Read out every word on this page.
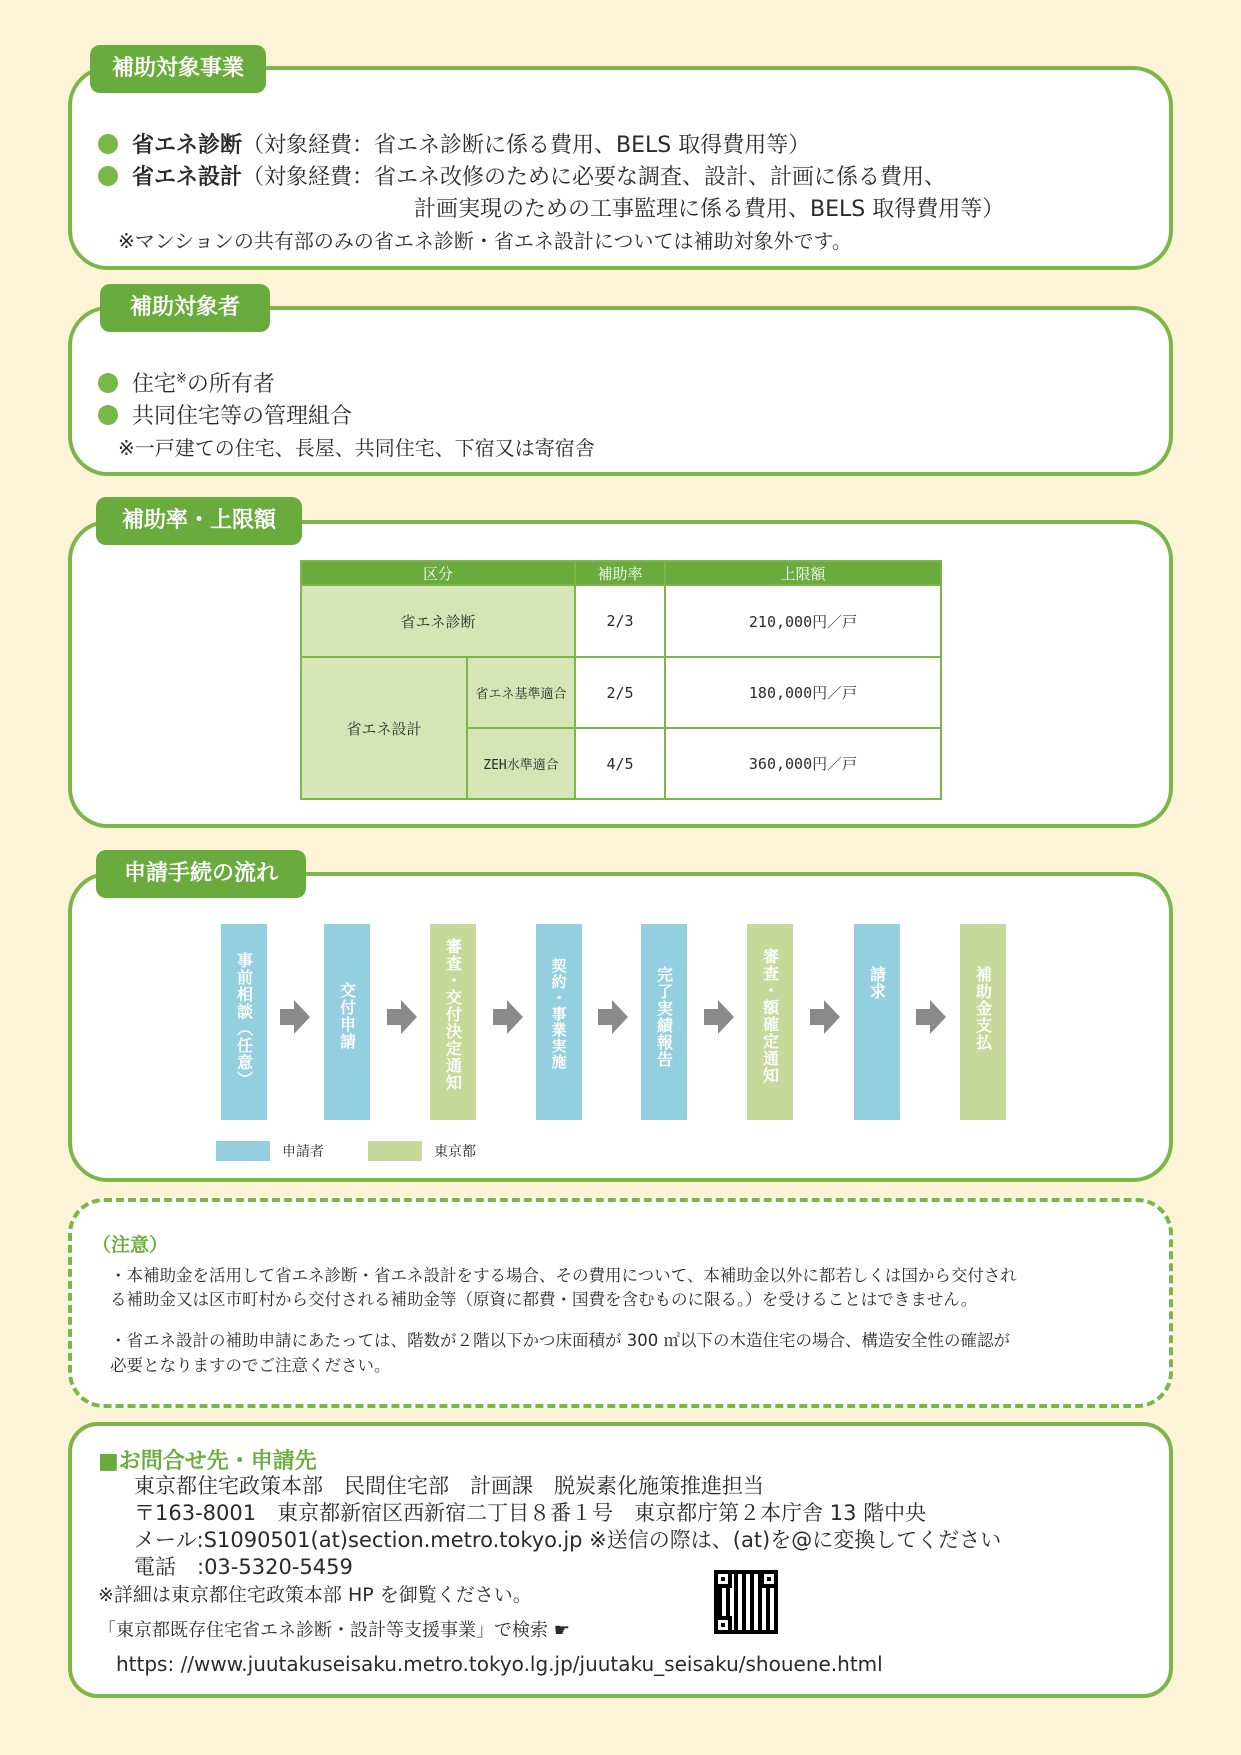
補助対象事業
省エネ診断（対象経費：省エネ診断に係る費用、BELS 取得費用等）
省エネ設計（対象経費：省エネ改修のために必要な調査、設計、計画に係る費用、
計画実現のための工事監理に係る費用、BELS 取得費用等）
※マンションの共有部のみの省エネ診断・省エネ設計については補助対象外です。
補助対象者
住宅※の所有者
共同住宅等の管理組合
※一戸建ての住宅、長屋、共同住宅、下宿又は寄宿舎
補助率・上限額
区分		補助率	上限額
省エネ診断		2/3	210,000円／戸
省エネ設計	省エネ基準適合	2/5	180,000円／戸
	ZEH水準適合	4/5	360,000円／戸
申請手続の流れ
事前相談（任意）	交付申請	審査・交付決定通知	契約・事業実施	完了実績報告	審査・額確定通知	請求	補助金支払
申請者	東京都
（注意）
・本補助金を活用して省エネ診断・省エネ設計をする場合、その費用について、本補助金以外に都若しくは国から交付され
る補助金又は区市町村から交付される補助金等（原資に都費・国費を含むものに限る。）を受けることはできません。
・省エネ設計の補助申請にあたっては、階数が２階以下かつ床面積が 300 ㎡以下の木造住宅の場合、構造安全性の確認が
必要となりますのでご注意ください。
■お問合せ先・申請先
東京都住宅政策本部　民間住宅部　計画課　脱炭素化施策推進担当
〒163-8001　東京都新宿区西新宿二丁目８番１号　東京都庁第２本庁舎 13 階中央
メール:S1090501(at)section.metro.tokyo.jp ※送信の際は、(at)を@に変換してください
電話　:03-5320-5459
※詳細は東京都住宅政策本部 HP を御覧ください。
「東京都既存住宅省エネ診断・設計等支援事業」で検索 ☛
https: //www.juutakuseisaku.metro.tokyo.lg.jp/juutaku_seisaku/shouene.html
